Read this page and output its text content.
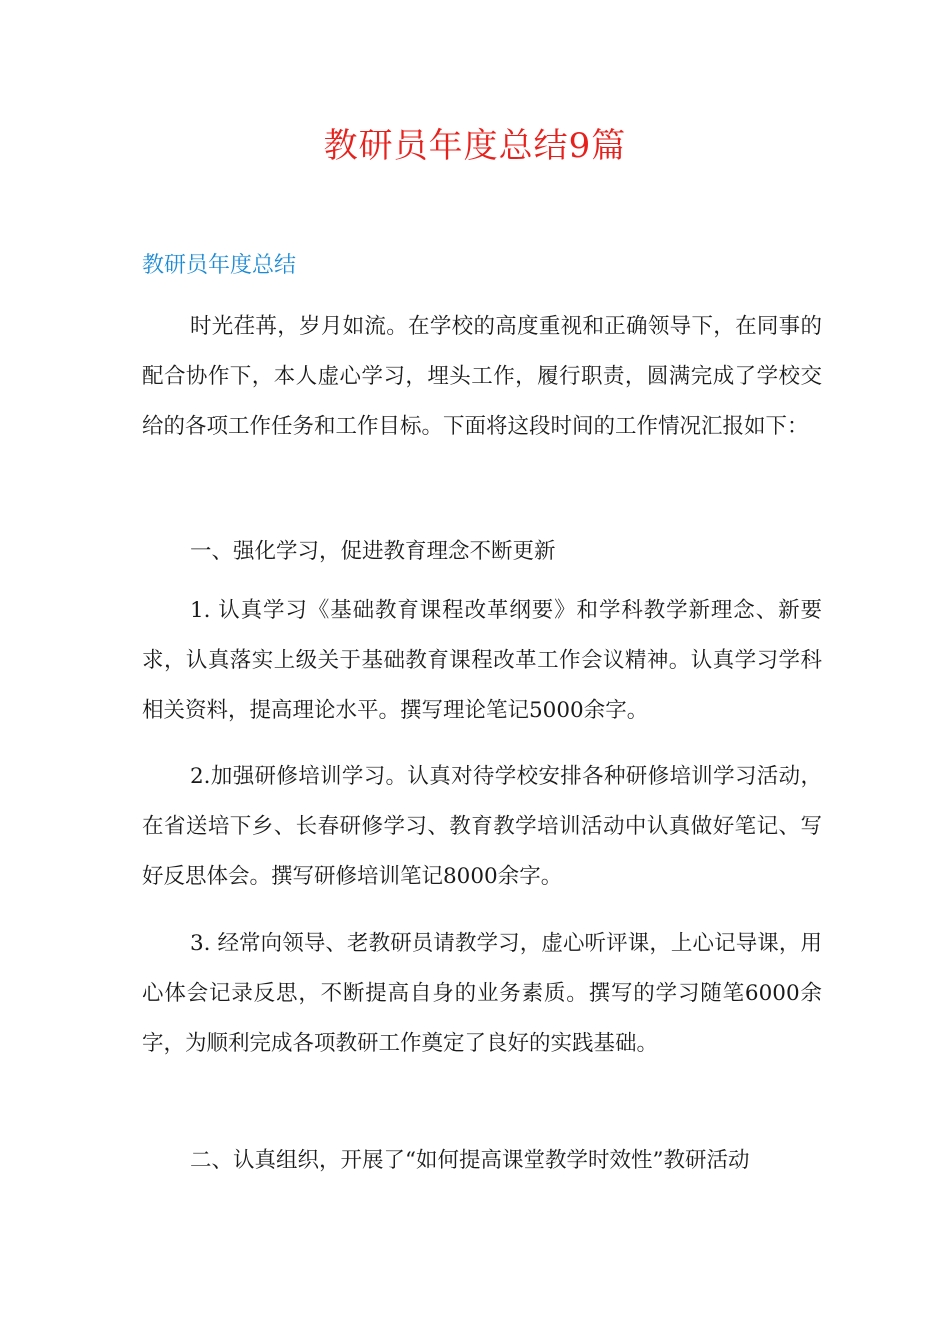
教研员年度总结9篇
教研员年度总结

时光荏苒，岁月如流。在学校的高度重视和正确领导下，在同事的配合协作下，本人虚心学习，埋头工作，履行职责，圆满完成了学校交给的各项工作任务和工作目标。下面将这段时间的工作情况汇报如下：

一、强化学习，促进教育理念不断更新

1. 认真学习《基础教育课程改革纲要》和学科教学新理念、新要求，认真落实上级关于基础教育课程改革工作会议精神。认真学习学科相关资料，提高理论水平。撰写理论笔记5000余字。

2.加强研修培训学习。认真对待学校安排各种研修培训学习活动，在省送培下乡、长春研修学习、教育教学培训活动中认真做好笔记、写好反思体会。撰写研修培训笔记8000余字。

3. 经常向领导、老教研员请教学习，虚心听评课，上心记导课，用心体会记录反思，不断提高自身的业务素质。撰写的学习随笔6000余字，为顺利完成各项教研工作奠定了良好的实践基础。

二、认真组织，开展了“如何提高课堂教学时效性”教研活动
